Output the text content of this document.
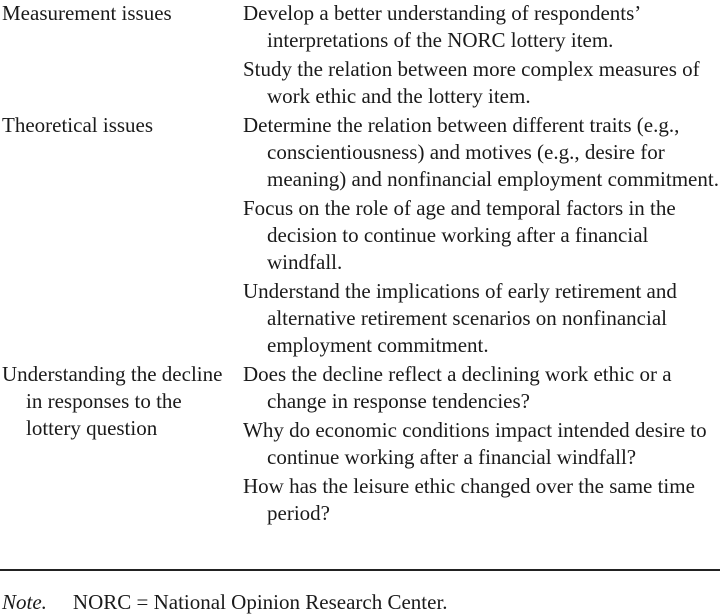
Measurement issues	Develop a better understanding of respondents’ interpretations of the NORC lottery item.
Study the relation between more complex measures of work ethic and the lottery item.
Theoretical issues	Determine the relation between different traits (e.g., conscientiousness) and motives (e.g., desire for meaning) and nonfinancial employment commitment.
Focus on the role of age and temporal factors in the decision to continue working after a financial windfall.
Understand the implications of early retirement and alternative retirement scenarios on nonfinancial employment commitment.
Understanding the decline in responses to the lottery question
Does the decline reflect a declining work ethic or a change in response tendencies?
Why do economic conditions impact intended desire to continue working after a financial windfall?
How has the leisure ethic changed over the same time period?
Note. NORC = National Opinion Research Center.
